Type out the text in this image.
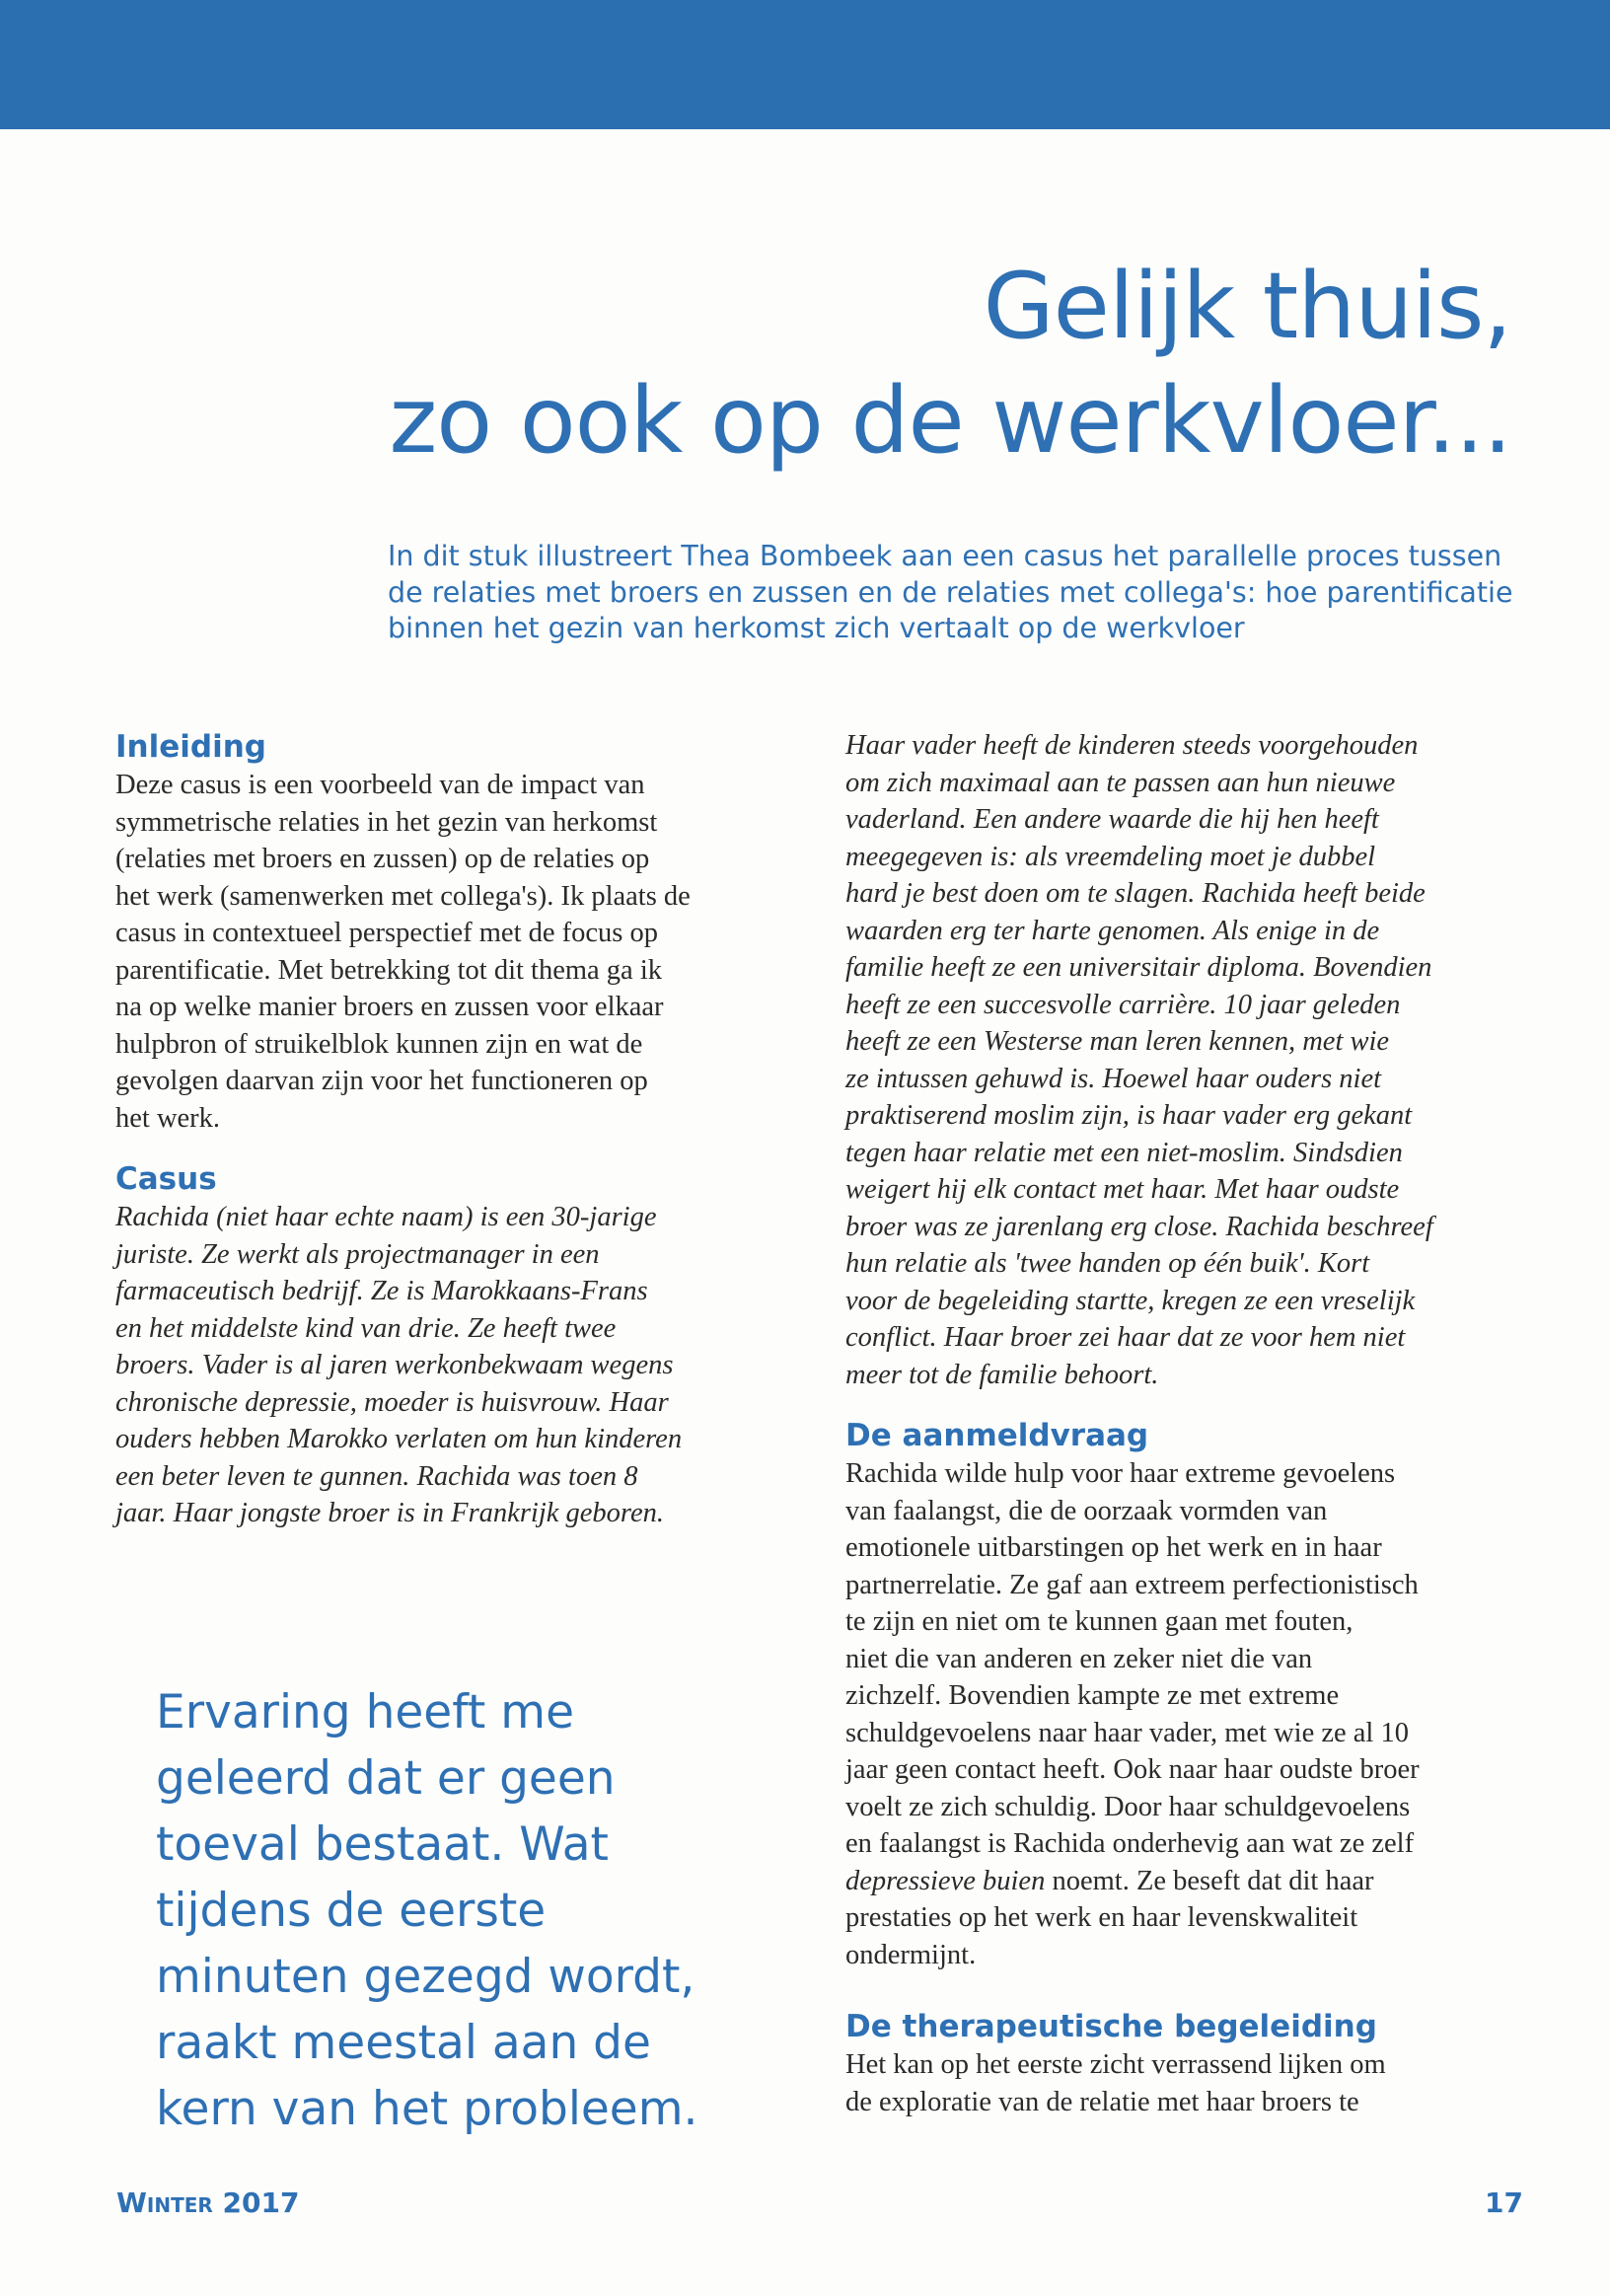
Gelijk thuis,
zo ook op de werkvloer...
In dit stuk illustreert Thea Bombeek aan een casus het parallelle proces tussen
de relaties met broers en zussen en de relaties met collega's: hoe parentificatie
binnen het gezin van herkomst zich vertaalt op de werkvloer
Inleiding

Deze casus is een voorbeeld van de impact van
symmetrische relaties in het gezin van herkomst
(relaties met broers en zussen) op de relaties op
het werk (samenwerken met collega's). Ik plaats de
casus in contextueel perspectief met de focus op
parentificatie. Met betrekking tot dit thema ga ik
na op welke manier broers en zussen voor elkaar
hulpbron of struikelblok kunnen zijn en wat de
gevolgen daarvan zijn voor het functioneren op
het werk.

Casus

Rachida (niet haar echte naam) is een 30-jarige
juriste. Ze werkt als projectmanager in een
farmaceutisch bedrijf. Ze is Marokkaans-Frans
en het middelste kind van drie. Ze heeft twee
broers. Vader is al jaren werkonbekwaam wegens
chronische depressie, moeder is huisvrouw. Haar
ouders hebben Marokko verlaten om hun kinderen
een beter leven te gunnen. Rachida was toen 8
jaar. Haar jongste broer is in Frankrijk geboren.

Ervaring heeft me
geleerd dat er geen
toeval bestaat. Wat
tijdens de eerste
minuten gezegd wordt,
raakt meestal aan de
kern van het probleem.

Haar vader heeft de kinderen steeds voorgehouden
om zich maximaal aan te passen aan hun nieuwe
vaderland. Een andere waarde die hij hen heeft
meegegeven is: als vreemdeling moet je dubbel
hard je best doen om te slagen. Rachida heeft beide
waarden erg ter harte genomen. Als enige in de
familie heeft ze een universitair diploma. Bovendien
heeft ze een succesvolle carrière. 10 jaar geleden
heeft ze een Westerse man leren kennen, met wie
ze intussen gehuwd is. Hoewel haar ouders niet
praktiserend moslim zijn, is haar vader erg gekant
tegen haar relatie met een niet-moslim. Sindsdien
weigert hij elk contact met haar. Met haar oudste
broer was ze jarenlang erg close. Rachida beschreef
hun relatie als 'twee handen op één buik'. Kort
voor de begeleiding startte, kregen ze een vreselijk
conflict. Haar broer zei haar dat ze voor hem niet
meer tot de familie behoort.

De aanmeldvraag

Rachida wilde hulp voor haar extreme gevoelens
van faalangst, die de oorzaak vormden van
emotionele uitbarstingen op het werk en in haar
partnerrelatie. Ze gaf aan extreem perfectionistisch
te zijn en niet om te kunnen gaan met fouten,
niet die van anderen en zeker niet die van
zichzelf. Bovendien kampte ze met extreme
schuldgevoelens naar haar vader, met wie ze al 10
jaar geen contact heeft. Ook naar haar oudste broer
voelt ze zich schuldig. Door haar schuldgevoelens
en faalangst is Rachida onderhevig aan wat ze zelf
depressieve buien noemt. Ze beseft dat dit haar
prestaties op het werk en haar levenskwaliteit
ondermijnt.

De therapeutische begeleiding

Het kan op het eerste zicht verrassend lijken om
de exploratie van de relatie met haar broers te

Winter 2017	17
